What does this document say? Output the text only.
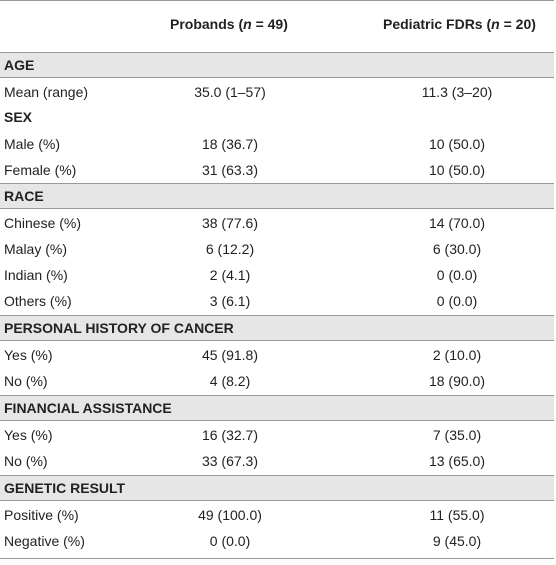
Probands (n = 49)	Pediatric FDRs (n = 20)
AGE
Mean (range)	35.0 (1–57)	11.3 (3–20)
SEX
Male (%)	18 (36.7)	10 (50.0)
Female (%)	31 (63.3)	10 (50.0)
RACE
Chinese (%)	38 (77.6)	14 (70.0)
Malay (%)	6 (12.2)	6 (30.0)
Indian (%)	2 (4.1)	0 (0.0)
Others (%)	3 (6.1)	0 (0.0)
PERSONAL HISTORY OF CANCER
Yes (%)	45 (91.8)	2 (10.0)
No (%)	4 (8.2)	18 (90.0)
FINANCIAL ASSISTANCE
Yes (%)	16 (32.7)	7 (35.0)
No (%)	33 (67.3)	13 (65.0)
GENETIC RESULT
Positive (%)	49 (100.0)	11 (55.0)
Negative (%)	0 (0.0)	9 (45.0)
